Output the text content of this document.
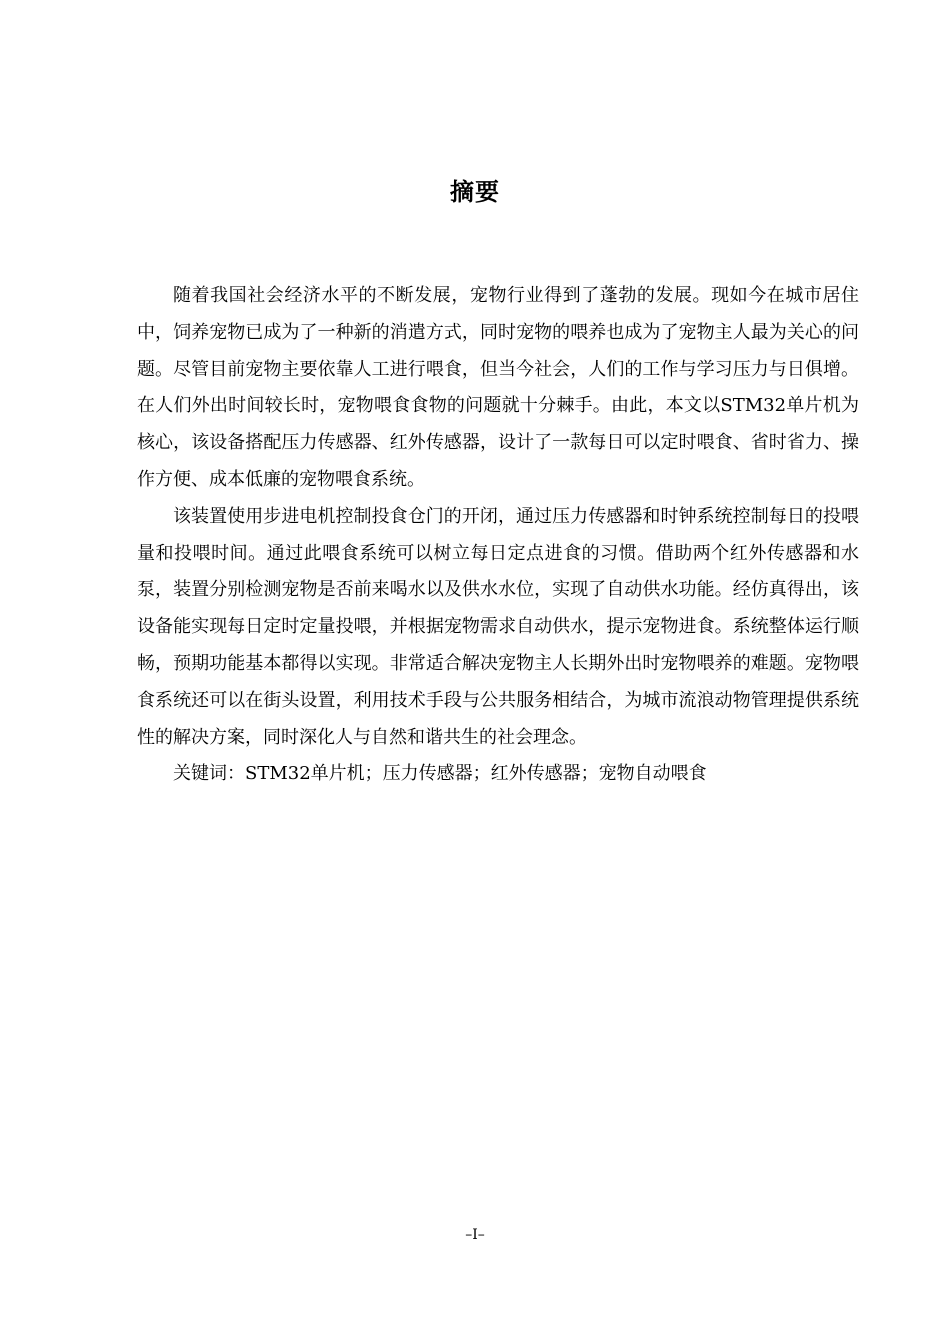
摘要

随着我国社会经济水平的不断发展，宠物行业得到了蓬勃的发展。现如今在城市居住中，饲养宠物已成为了一种新的消遣方式，同时宠物的喂养也成为了宠物主人最为关心的问题。尽管目前宠物主要依靠人工进行喂食，但当今社会，人们的工作与学习压力与日俱增。在人们外出时间较长时，宠物喂食食物的问题就十分棘手。由此，本文以STM32单片机为核心，该设备搭配压力传感器、红外传感器，设计了一款每日可以定时喂食、省时省力、操作方便、成本低廉的宠物喂食系统。

该装置使用步进电机控制投食仓门的开闭，通过压力传感器和时钟系统控制每日的投喂量和投喂时间。通过此喂食系统可以树立每日定点进食的习惯。借助两个红外传感器和水泵，装置分别检测宠物是否前来喝水以及供水水位，实现了自动供水功能。经仿真得出，该设备能实现每日定时定量投喂，并根据宠物需求自动供水，提示宠物进食。系统整体运行顺畅，预期功能基本都得以实现。非常适合解决宠物主人长期外出时宠物喂养的难题。宠物喂食系统还可以在街头设置，利用技术手段与公共服务相结合，为城市流浪动物管理提供系统性的解决方案，同时深化人与自然和谐共生的社会理念。

关键词：STM32单片机；压力传感器；红外传感器；宠物自动喂食

–I–
